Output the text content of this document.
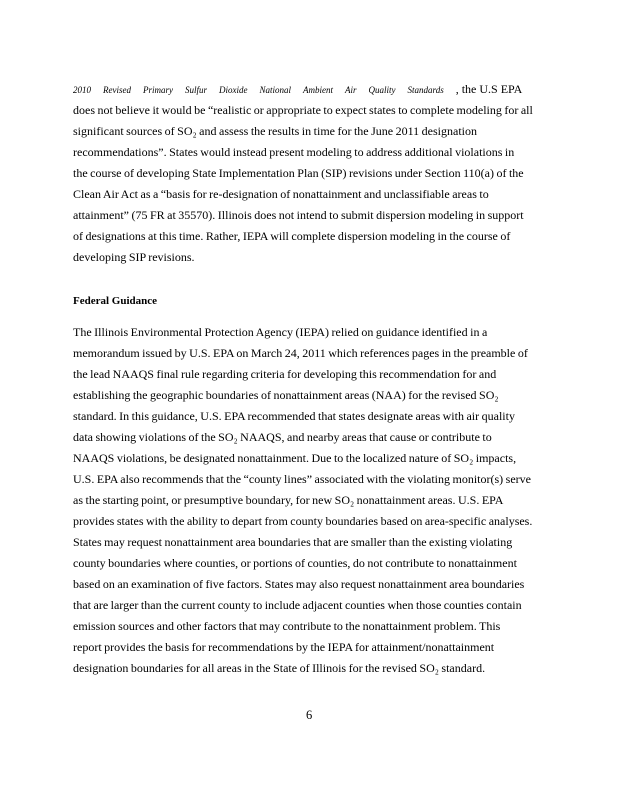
2010 Revised Primary Sulfur Dioxide National Ambient Air Quality Standards , the U.S EPA
does not believe it would be “realistic or appropriate to expect states to complete modeling for all
significant sources of SO₂ and assess the results in time for the June 2011 designation
recommendations”. States would instead present modeling to address additional violations in
the course of developing State Implementation Plan (SIP) revisions under Section 110(a) of the
Clean Air Act as a “basis for re-designation of nonattainment and unclassifiable areas to
attainment” (75 FR at 35570). Illinois does not intend to submit dispersion modeling in support
of designations at this time. Rather, IEPA will complete dispersion modeling in the course of
developing SIP revisions.
Federal Guidance
The Illinois Environmental Protection Agency (IEPA) relied on guidance identified in a
memorandum issued by U.S. EPA on March 24, 2011 which references pages in the preamble of
the lead NAAQS final rule regarding criteria for developing this recommendation for and
establishing the geographic boundaries of nonattainment areas (NAA) for the revised SO₂
standard. In this guidance, U.S. EPA recommended that states designate areas with air quality
data showing violations of the SO₂ NAAQS, and nearby areas that cause or contribute to
NAAQS violations, be designated nonattainment. Due to the localized nature of SO₂ impacts,
U.S. EPA also recommends that the “county lines” associated with the violating monitor(s) serve
as the starting point, or presumptive boundary, for new SO₂ nonattainment areas. U.S. EPA
provides states with the ability to depart from county boundaries based on area-specific analyses.
States may request nonattainment area boundaries that are smaller than the existing violating
county boundaries where counties, or portions of counties, do not contribute to nonattainment
based on an examination of five factors. States may also request nonattainment area boundaries
that are larger than the current county to include adjacent counties when those counties contain
emission sources and other factors that may contribute to the nonattainment problem. This
report provides the basis for recommendations by the IEPA for attainment/nonattainment
designation boundaries for all areas in the State of Illinois for the revised SO₂ standard.
6
